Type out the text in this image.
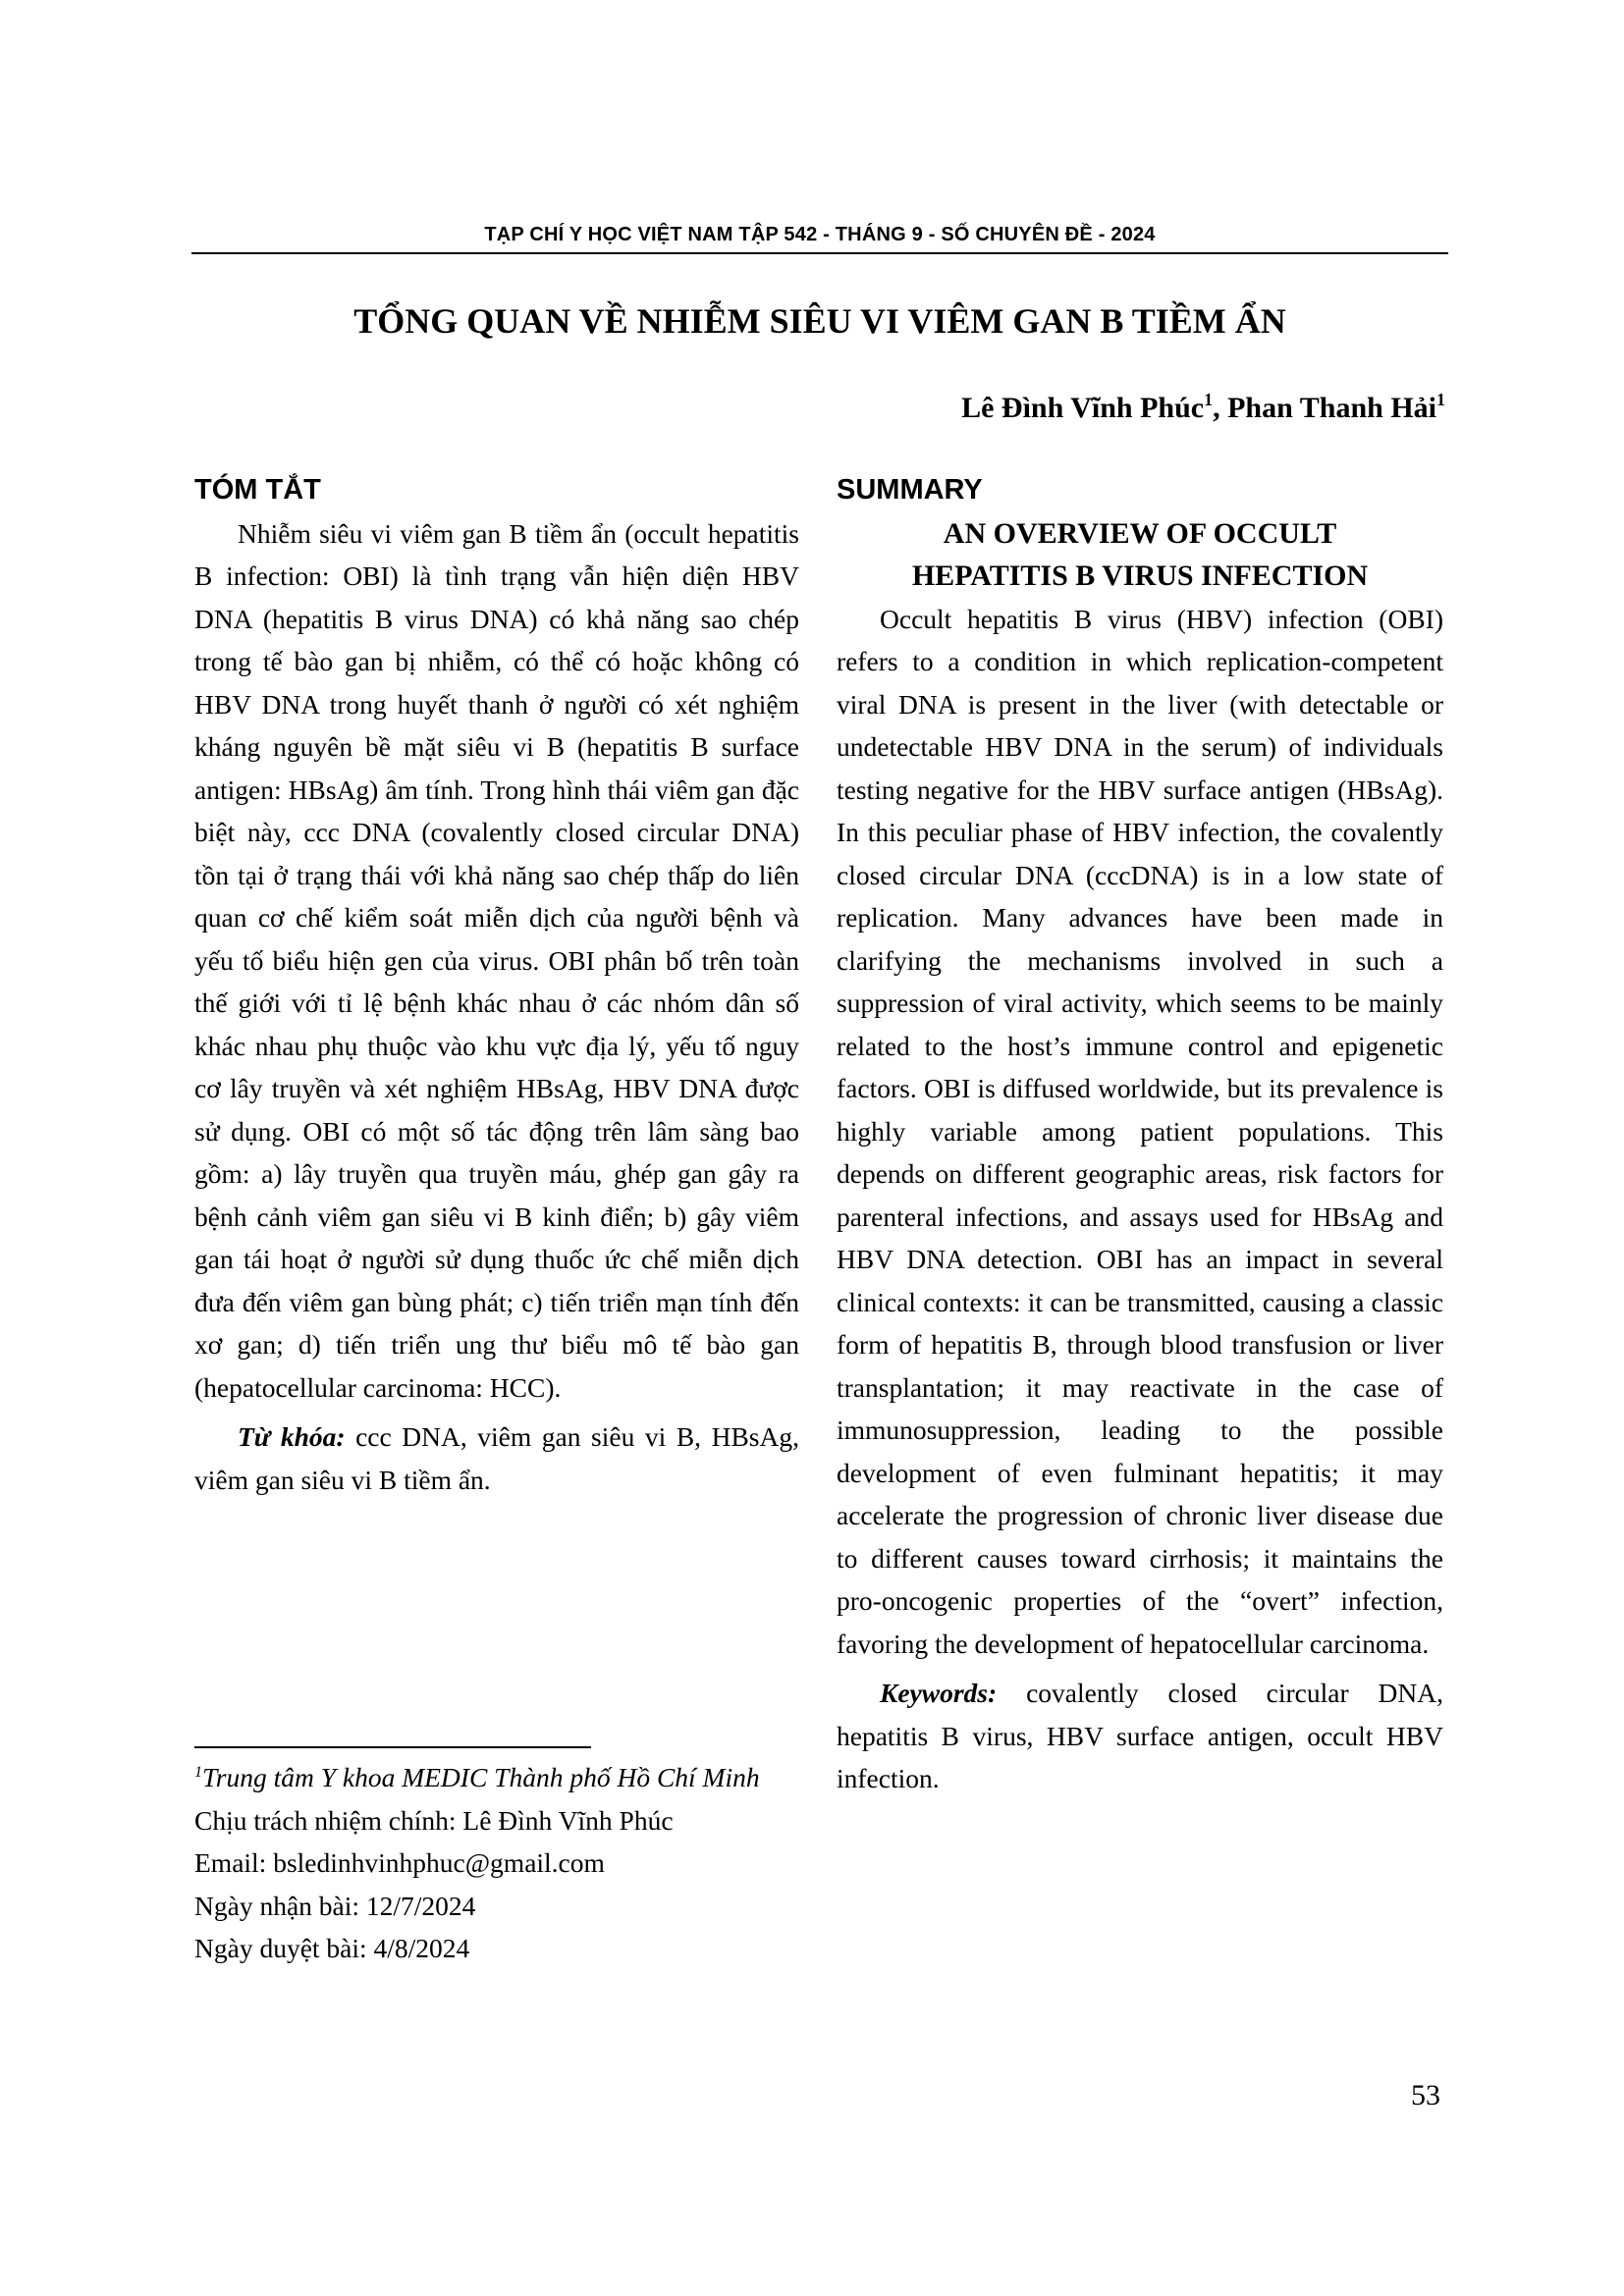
TẠP CHÍ Y HỌC VIỆT NAM TẬP 542 - THÁNG 9 - SỐ CHUYÊN ĐỀ - 2024
TỔNG QUAN VỀ NHIỄM SIÊU VI VIÊM GAN B TIỀM ẨN
Lê Đình Vĩnh Phúc$^1$, Phan Thanh Hải$^1$
TÓM TẮT

Nhiễm siêu vi viêm gan B tiềm ẩn (occult hepatitis B infection: OBI) là tình trạng vẫn hiện diện HBV DNA (hepatitis B virus DNA) có khả năng sao chép trong tế bào gan bị nhiễm, có thể có hoặc không có HBV DNA trong huyết thanh ở người có xét nghiệm kháng nguyên bề mặt siêu vi B (hepatitis B surface antigen: HBsAg) âm tính. Trong hình thái viêm gan đặc biệt này, ccc DNA (covalently closed circular DNA) tồn tại ở trạng thái với khả năng sao chép thấp do liên quan cơ chế kiểm soát miễn dịch của người bệnh và yếu tố biểu hiện gen của virus. OBI phân bố trên toàn thế giới với tỉ lệ bệnh khác nhau ở các nhóm dân số khác nhau phụ thuộc vào khu vực địa lý, yếu tố nguy cơ lây truyền và xét nghiệm HBsAg, HBV DNA được sử dụng. OBI có một số tác động trên lâm sàng bao gồm: a) lây truyền qua truyền máu, ghép gan gây ra bệnh cảnh viêm gan siêu vi B kinh điển; b) gây viêm gan tái hoạt ở người sử dụng thuốc ức chế miễn dịch đưa đến viêm gan bùng phát; c) tiến triển mạn tính đến xơ gan; d) tiến triển ung thư biểu mô tế bào gan (hepatocellular carcinoma: HCC).

Từ khóa: ccc DNA, viêm gan siêu vi B, HBsAg, viêm gan siêu vi B tiềm ẩn.

$^1$Trung tâm Y khoa MEDIC Thành phố Hồ Chí Minh

Chịu trách nhiệm chính: Lê Đình Vĩnh Phúc

Email: bsledinhvinhphuc@gmail.com

Ngày nhận bài: 12/7/2024

Ngày duyệt bài: 4/8/2024

SUMMARY

AN OVERVIEW OF OCCULT

HEPATITIS B VIRUS INFECTION

Occult hepatitis B virus (HBV) infection (OBI) refers to a condition in which replication-competent viral DNA is present in the liver (with detectable or undetectable HBV DNA in the serum) of individuals testing negative for the HBV surface antigen (HBsAg). In this peculiar phase of HBV infection, the covalently closed circular DNA (cccDNA) is in a low state of replication. Many advances have been made in clarifying the mechanisms involved in such a suppression of viral activity, which seems to be mainly related to the host’s immune control and epigenetic factors. OBI is diffused worldwide, but its prevalence is highly variable among patient populations. This depends on different geographic areas, risk factors for parenteral infections, and assays used for HBsAg and HBV DNA detection. OBI has an impact in several clinical contexts: it can be transmitted, causing a classic form of hepatitis B, through blood transfusion or liver transplantation; it may reactivate in the case of immunosuppression, leading to the possible development of even fulminant hepatitis; it may accelerate the progression of chronic liver disease due to different causes toward cirrhosis; it maintains the pro-oncogenic properties of the “overt” infection, favoring the development of hepatocellular carcinoma.

Keywords: covalently closed circular DNA, hepatitis B virus, HBV surface antigen, occult HBV infection.

53
